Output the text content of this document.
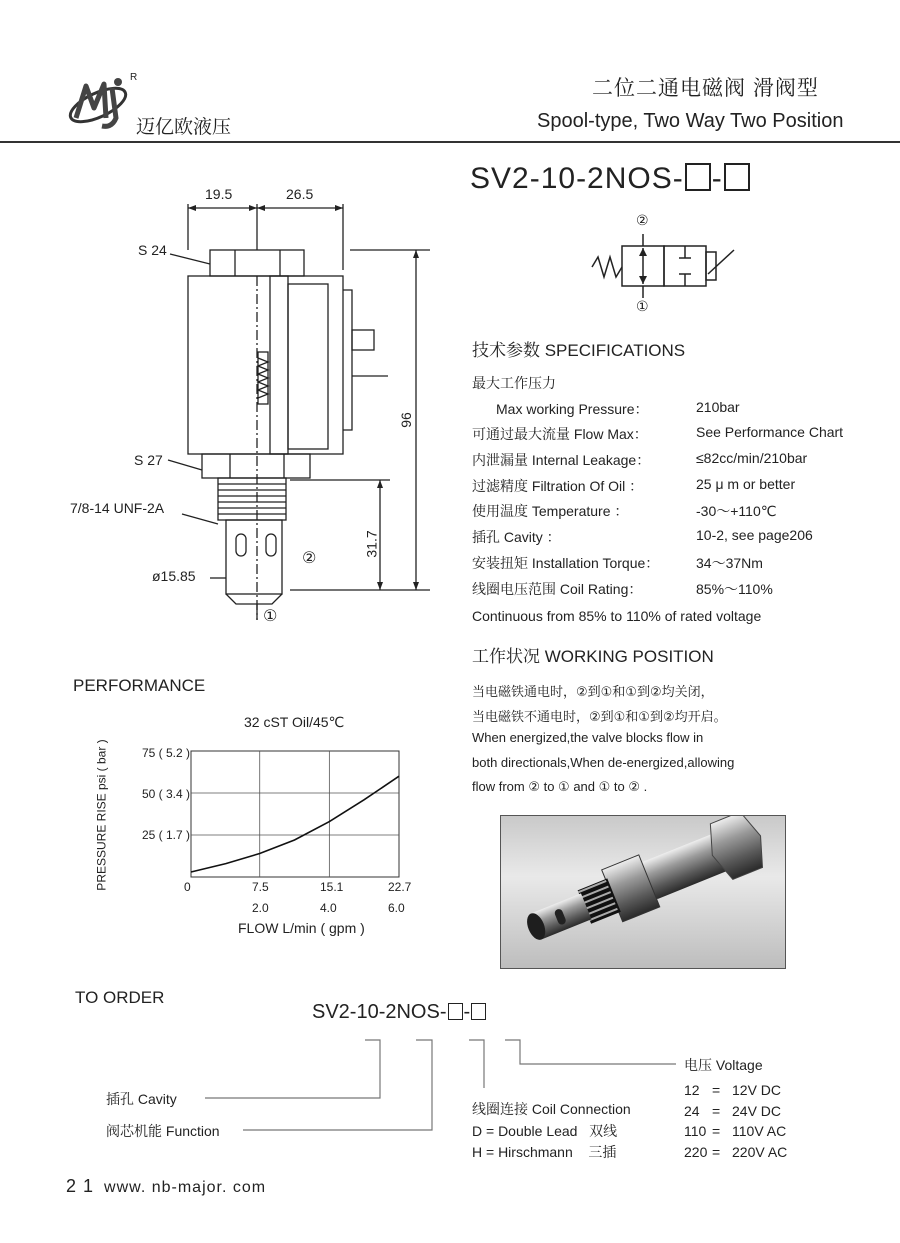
R
迈亿欧液压
二位二通电磁阀 滑阀型
Spool-type, Two Way Two Position
SV2-10-2NOS- -
②
①
19.5	26.5
S 24
S 27
7/8-14 UNF-2A
ø15.85
96
31.7
②
①
技术参数 SPECIFICATIONS
最大工作压力
Max working Pressure：	210bar
可通过最大流量 Flow Max：	See Performance Chart
内泄漏量 Internal Leakage：	≤82cc/min/210bar
过滤精度 Filtration Of Oil ：	25 μ m or better
使用温度 Temperature ：	-30～+110℃
插孔 Cavity ：	10-2, see page206
安装扭矩 Installation Torque：	34～37Nm
线圈电压范围 Coil Rating：	85%～110%
Continuous from 85% to 110% of rated voltage
工作状况 WORKING POSITION
当电磁铁通电时，②到①和①到②均关闭，
当电磁铁不通电时，②到①和①到②均开启。
When energized,the valve blocks flow in
both directionals,When de-energized,allowing
flow from ② to ① and ① to ② .
PERFORMANCE
32 cST Oil/45℃
PRESSURE RISE psi ( bar )	75 ( 5.2 )
50 ( 3.4 )
25 ( 1.7 )
0	7.5	15.1	22.7
2.0	4.0	6.0
FLOW L/min ( gpm )
TO ORDER
SV2-10-2NOS- -
插孔 Cavity
阀芯机能 Function
线圈连接 Coil Connection
D = Double Lead   双线
H = Hirschmann    三插
电压 Voltage
12 = 12V DC
24 = 24V DC
110 = 110V AC
220 = 220V AC
2 1 www. nb-major. com
